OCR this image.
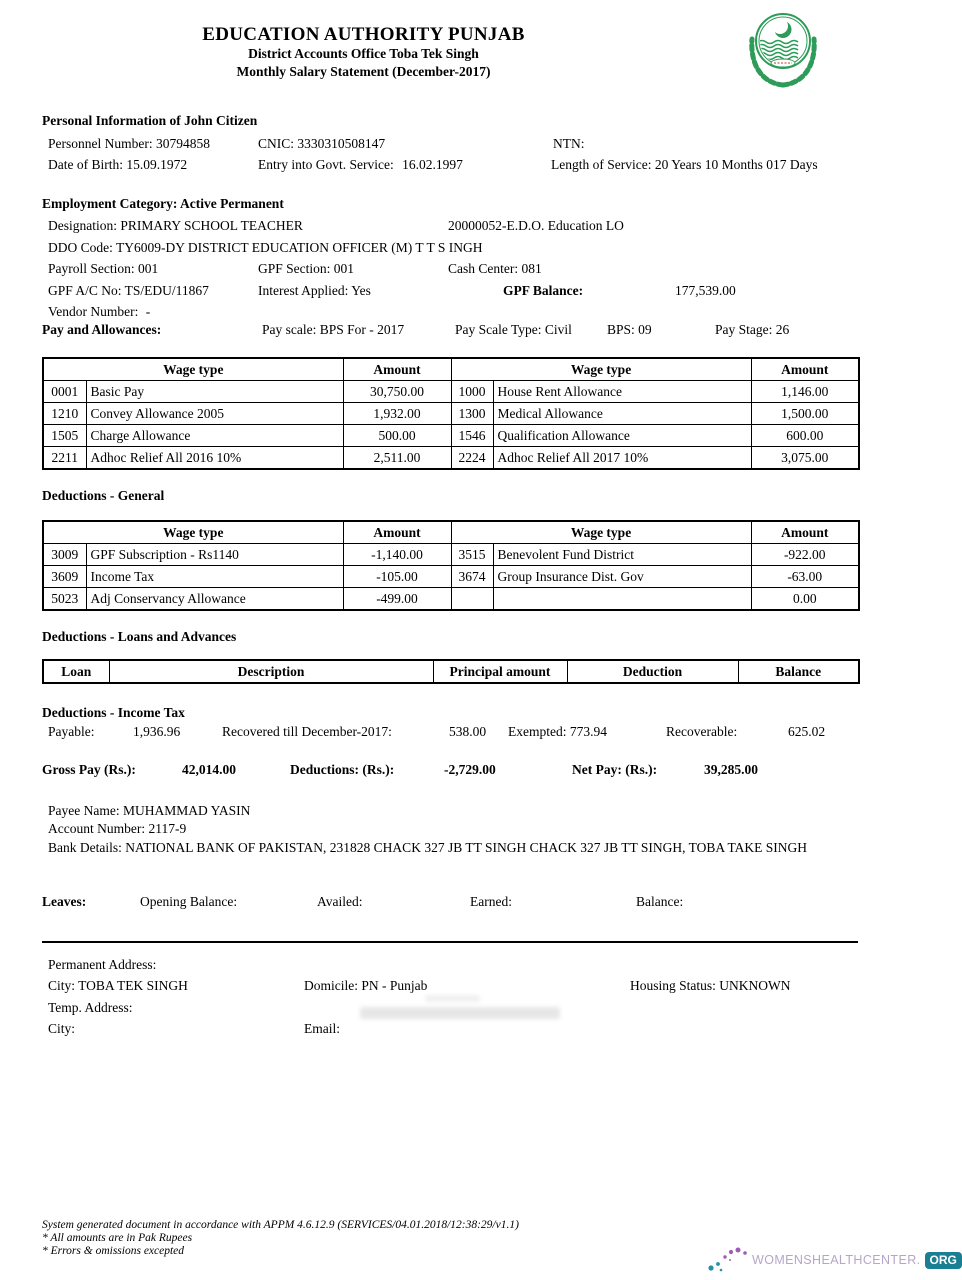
EDUCATION AUTHORITY PUNJAB
District Accounts Office Toba Tek Singh
Monthly Salary Statement (December-2017)
Personal Information of John Citizen
Personnel Number: 30794858	CNIC: 3330310508147	NTN:
Date of Birth: 15.09.1972	Entry into Govt. Service: 16.02.1997	Length of Service: 20 Years 10 Months 017 Days
Employment Category: Active Permanent
Designation: PRIMARY SCHOOL TEACHER	20000052-E.D.O. Education LO
DDO Code: TY6009-DY DISTRICT EDUCATION OFFICER (M) T T S INGH
Payroll Section: 001	GPF Section: 001	Cash Center: 081
GPF A/C No: TS/EDU/11867	Interest Applied: Yes	GPF Balance:	177,539.00
Vendor Number: -
Pay and Allowances:	Pay scale: BPS For - 2017	Pay Scale Type: Civil	BPS: 09	Pay Stage: 26
Wage type		Amount	Wage type		Amount
0001	Basic Pay	30,750.00	1000	House Rent Allowance	1,146.00
1210	Convey Allowance 2005	1,932.00	1300	Medical Allowance	1,500.00
1505	Charge Allowance	500.00	1546	Qualification Allowance	600.00
2211	Adhoc Relief All 2016 10%	2,511.00	2224	Adhoc Relief All 2017 10%	3,075.00
Deductions - General
Wage type		Amount	Wage type		Amount
3009	GPF Subscription - Rs1140	-1,140.00	3515	Benevolent Fund District	-922.00
3609	Income Tax	-105.00	3674	Group Insurance Dist. Gov	-63.00
5023	Adj Conservancy Allowance	-499.00			0.00
Deductions - Loans and Advances
Loan	Description	Principal amount	Deduction	Balance
Deductions - Income Tax
Payable:	1,936.96	Recovered till December-2017:	538.00 Exempted: 773.94	Recoverable:	625.02
Gross Pay (Rs.):	42,014.00	Deductions: (Rs.):	-2,729.00	Net Pay: (Rs.):	39,285.00
Payee Name: MUHAMMAD YASIN
Account Number: 2117-9
Bank Details: NATIONAL BANK OF PAKISTAN, 231828 CHACK 327 JB TT SINGH CHACK 327 JB TT SINGH, TOBA TAKE SINGH
Leaves:	Opening Balance:	Availed:	Earned:	Balance:
Permanent Address:
City: TOBA TEK SINGH	Domicile: PN - Punjab	Housing Status: UNKNOWN
Temp. Address:
City:	Email:
System generated document in accordance with APPM 4.6.12.9 (SERVICES/04.01.2018/12:38:29/v1.1)
* All amounts are in Pak Rupees
* Errors & omissions excepted
WOMENSHEALTHCENTER. ORG
